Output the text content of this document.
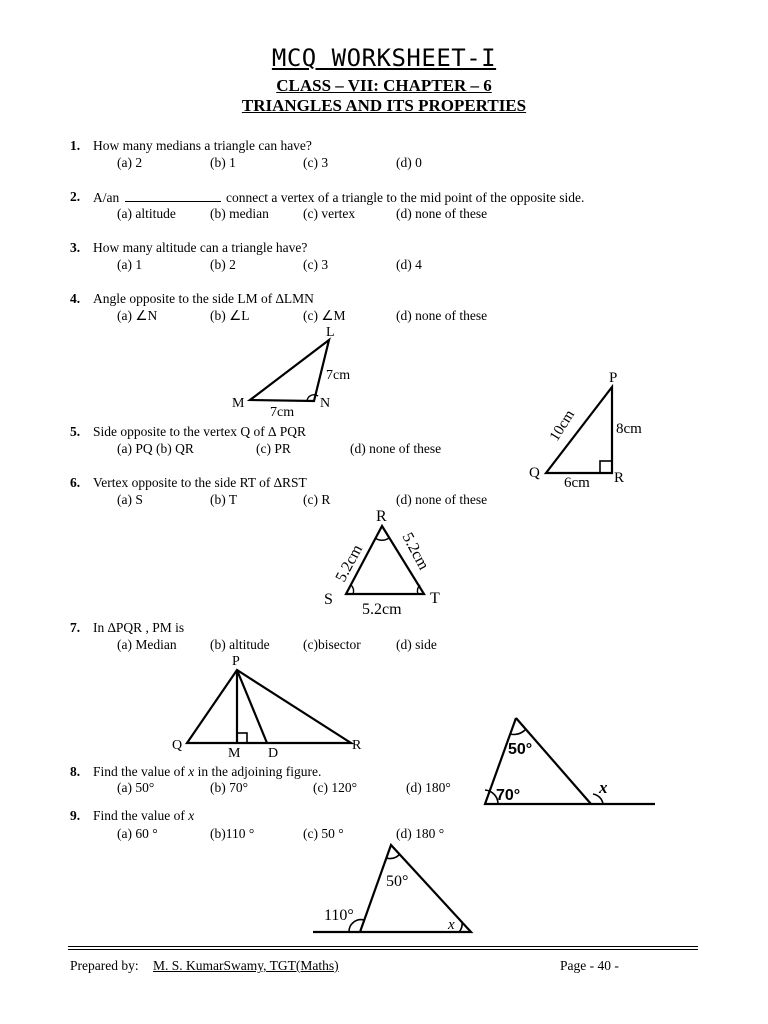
MCQ WORKSHEET-I
CLASS – VII: CHAPTER – 6
TRIANGLES AND ITS PROPERTIES
1. How many medians a triangle can have?
(a) 2	(b) 1	(c) 3	(d) 0
2. A/an	connect a vertex of a triangle to the mid point of the opposite side.
(a) altitude	(b) median	(c) vertex	(d) none of these
3. How many altitude can a triangle have?
(a) 1	(b) 2	(c) 3	(d) 4
4. Angle opposite to the side LM of ∆LMN
(a) ∠N	(b) ∠L	(c) ∠M	(d) none of these
5. Side opposite to the vertex Q of ∆ PQR
(a) PQ (b) QR	(c) PR	(d) none of these
6. Vertex opposite to the side RT of ∆RST
(a) S	(b) T	(c) R	(d) none of these
7. In ∆PQR , PM is
(a) Median (b) altitude (c)bisector	(d) side
8. Find the value of x in the adjoining figure.
(a) 50°	(b) 70°	(c) 120°	(d) 180°
9. Find the value of x
(a) 60 °	(b)110 °	(c) 50 °	(d) 180 °
L
M	N
7cm
7cm
P
Q	R
8cm
6cm
10cm
R
S	T
5.2cm
5.2cm 5.2cm
P
Q	R
M D	50°
70°	x
50°
110°
x
Prepared by: M. S. KumarSwamy, TGT(Maths)	Page - 40 -
